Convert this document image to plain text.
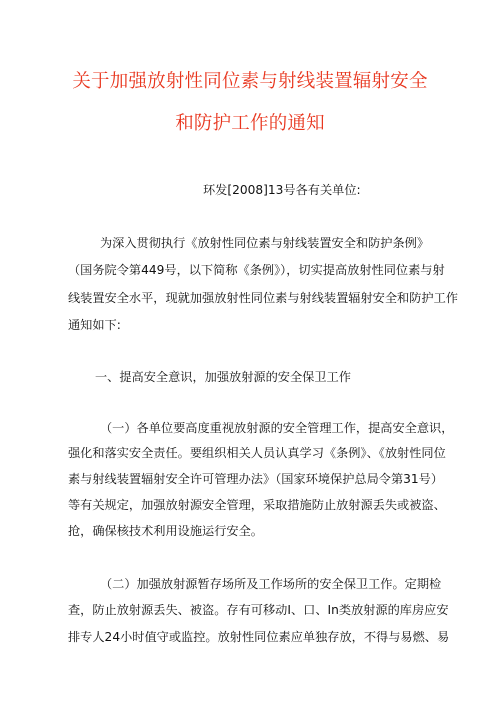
关于加强放射性同位素与射线装置辐射安全
和防护工作的通知
环发[2008]13号各有关单位:
为深入贯彻执行《放射性同位素与射线装置安全和防护条例》
（国务院令第449号，以下简称《条例》），切实提高放射性同位素与射
线装置安全水平，现就加强放射性同位素与射线装置辐射安全和防护工作
通知如下:
一、提高安全意识，加强放射源的安全保卫工作
（一）各单位要高度重视放射源的安全管理工作，提高安全意识，
强化和落实安全责任。要组织相关人员认真学习《条例》、《放射性同位
素与射线装置辐射安全许可管理办法》（国家环境保护总局令第31号）
等有关规定，加强放射源安全管理，采取措施防止放射源丢失或被盗、
抢，确保核技术利用设施运行安全。
（二）加强放射源暂存场所及工作场所的安全保卫工作。定期检
查，防止放射源丢失、被盗。存有可移动I、口、In类放射源的库房应安
排专人24小时值守或监控。放射性同位素应单独存放，不得与易燃、易
